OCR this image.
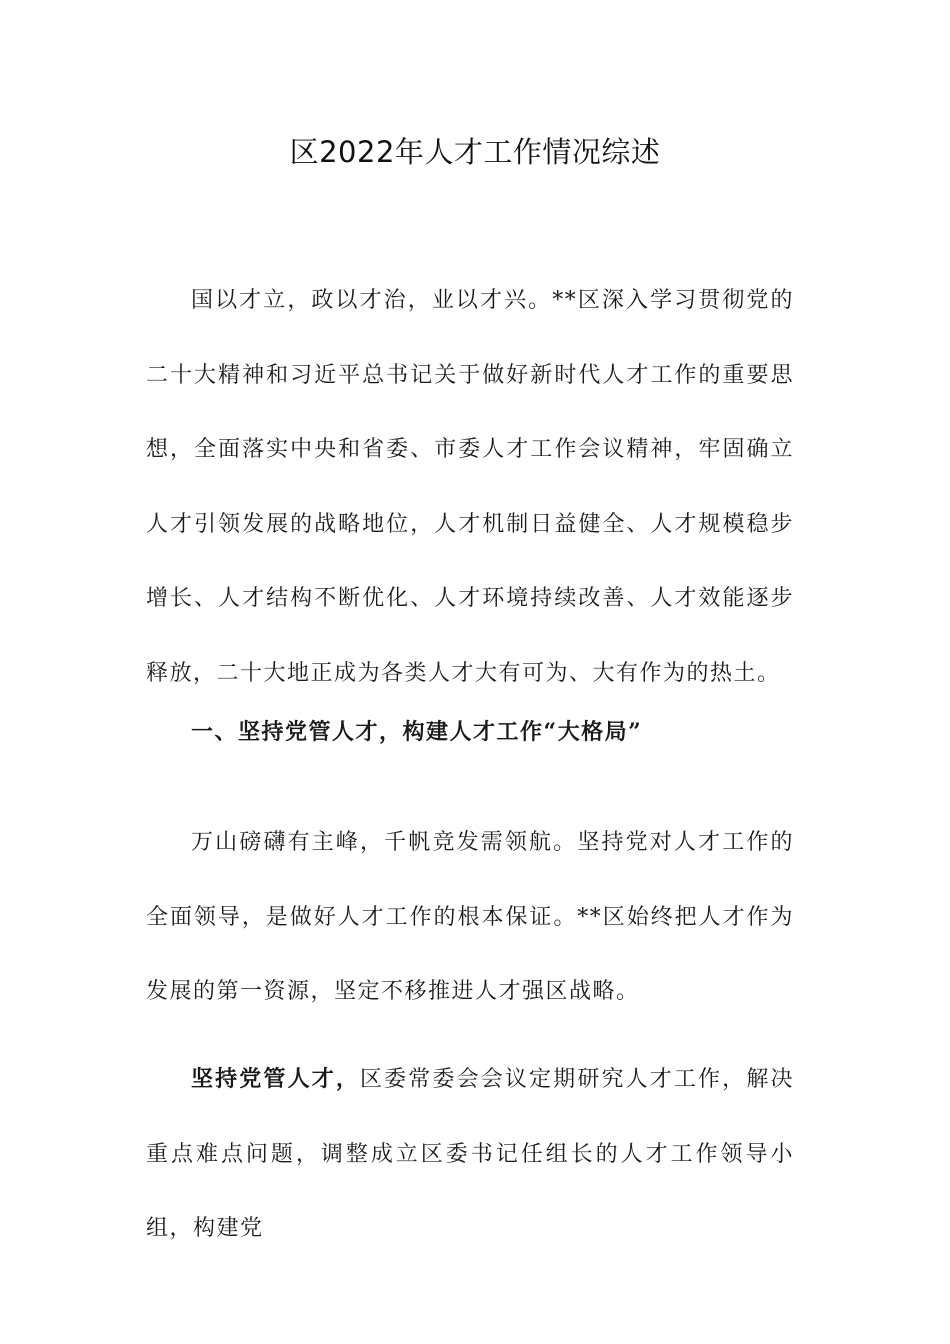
区2022年人才工作情况综述

国以才立，政以才治，业以才兴。**区深入学习贯彻党的二十大精神和习近平总书记关于做好新时代人才工作的重要思想，全面落实中央和省委、市委人才工作会议精神，牢固确立人才引领发展的战略地位，人才机制日益健全、人才规模稳步增长、人才结构不断优化、人才环境持续改善、人才效能逐步释放，二十大地正成为各类人才大有可为、大有作为的热土。

一、坚持党管人才，构建人才工作“大格局”

万山磅礴有主峰，千帆竞发需领航。坚持党对人才工作的全面领导，是做好人才工作的根本保证。**区始终把人才作为发展的第一资源，坚定不移推进人才强区战略。

坚持党管人才，区委常委会会议定期研究人才工作，解决重点难点问题，调整成立区委书记任组长的人才工作领导小组，构建党
